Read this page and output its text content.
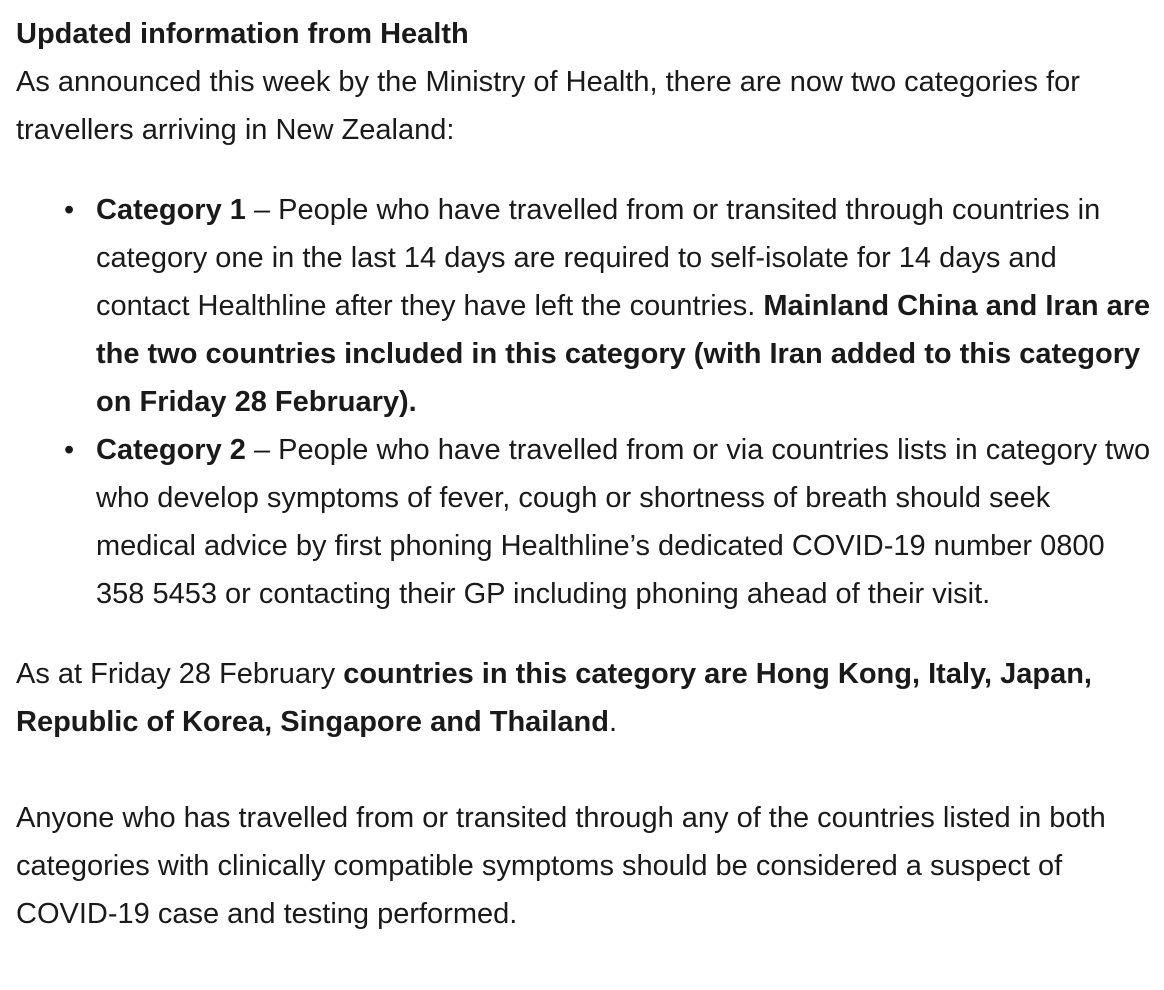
Updated information from Health

As announced this week by the Ministry of Health, there are now two categories for travellers arriving in New Zealand:

• Category 1 – People who have travelled from or transited through countries in category one in the last 14 days are required to self-isolate for 14 days and contact Healthline after they have left the countries. Mainland China and Iran are the two countries included in this category (with Iran added to this category on Friday 28 February).
• Category 2 – People who have travelled from or via countries lists in category two who develop symptoms of fever, cough or shortness of breath should seek medical advice by first phoning Healthline’s dedicated COVID-19 number 0800 358 5453 or contacting their GP including phoning ahead of their visit.

As at Friday 28 February countries in this category are Hong Kong, Italy, Japan, Republic of Korea, Singapore and Thailand.

Anyone who has travelled from or transited through any of the countries listed in both categories with clinically compatible symptoms should be considered a suspect of COVID-19 case and testing performed.
